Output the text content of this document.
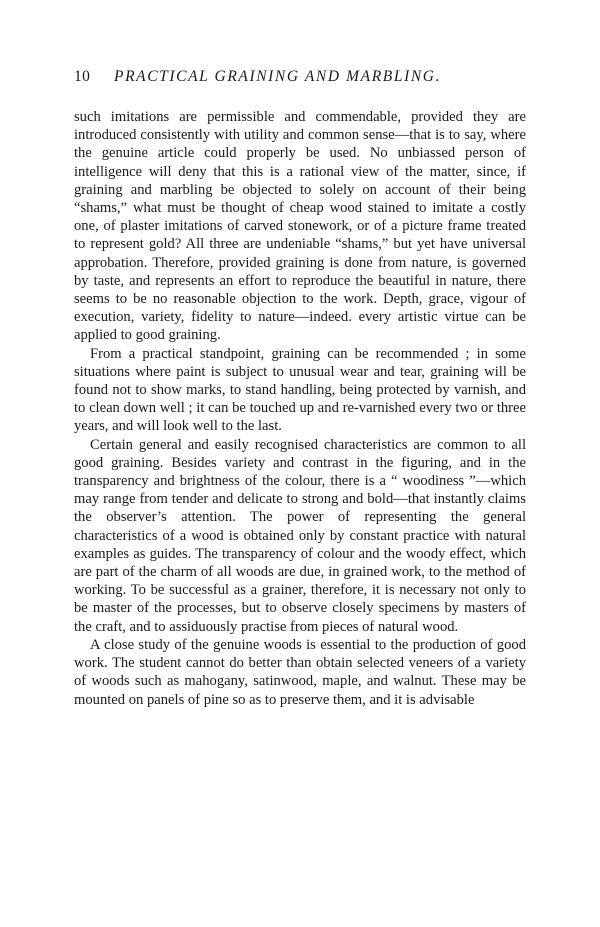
10 PRACTICAL GRAINING AND MARBLING.

such imitations are permissible and commendable, provided they are introduced consistently with utility and common sense—that is to say, where the genuine article could properly be used. No unbiassed person of intelligence will deny that this is a rational view of the matter, since, if graining and marbling be objected to solely on account of their being “shams,” what must be thought of cheap wood stained to imitate a costly one, of plaster imitations of carved stonework, or of a picture frame treated to represent gold? All three are undeniable “shams,” but yet have universal approbation. Therefore, provided graining is done from nature, is governed by taste, and represents an effort to reproduce the beautiful in nature, there seems to be no reasonable objection to the work. Depth, grace, vigour of execution, variety, fidelity to nature—indeed. every artistic virtue can be applied to good graining.

From a practical standpoint, graining can be recommended ; in some situations where paint is subject to unusual wear and tear, graining will be found not to show marks, to stand handling, being protected by varnish, and to clean down well ; it can be touched up and re-varnished every two or three years, and will look well to the last.

Certain general and easily recognised characteristics are common to all good graining. Besides variety and contrast in the figuring, and in the transparency and brightness of the colour, there is a “ woodiness ”—which may range from tender and delicate to strong and bold—that instantly claims the observer’s attention. The power of representing the general characteristics of a wood is obtained only by constant practice with natural examples as guides. The transparency of colour and the woody effect, which are part of the charm of all woods are due, in grained work, to the method of working. To be successful as a grainer, therefore, it is necessary not only to be master of the processes, but to observe closely specimens by masters of the craft, and to assiduously practise from pieces of natural wood.

A close study of the genuine woods is essential to the production of good work. The student cannot do better than obtain selected veneers of a variety of woods such as mahogany, satinwood, maple, and walnut. These may be mounted on panels of pine so as to preserve them, and it is advisable
